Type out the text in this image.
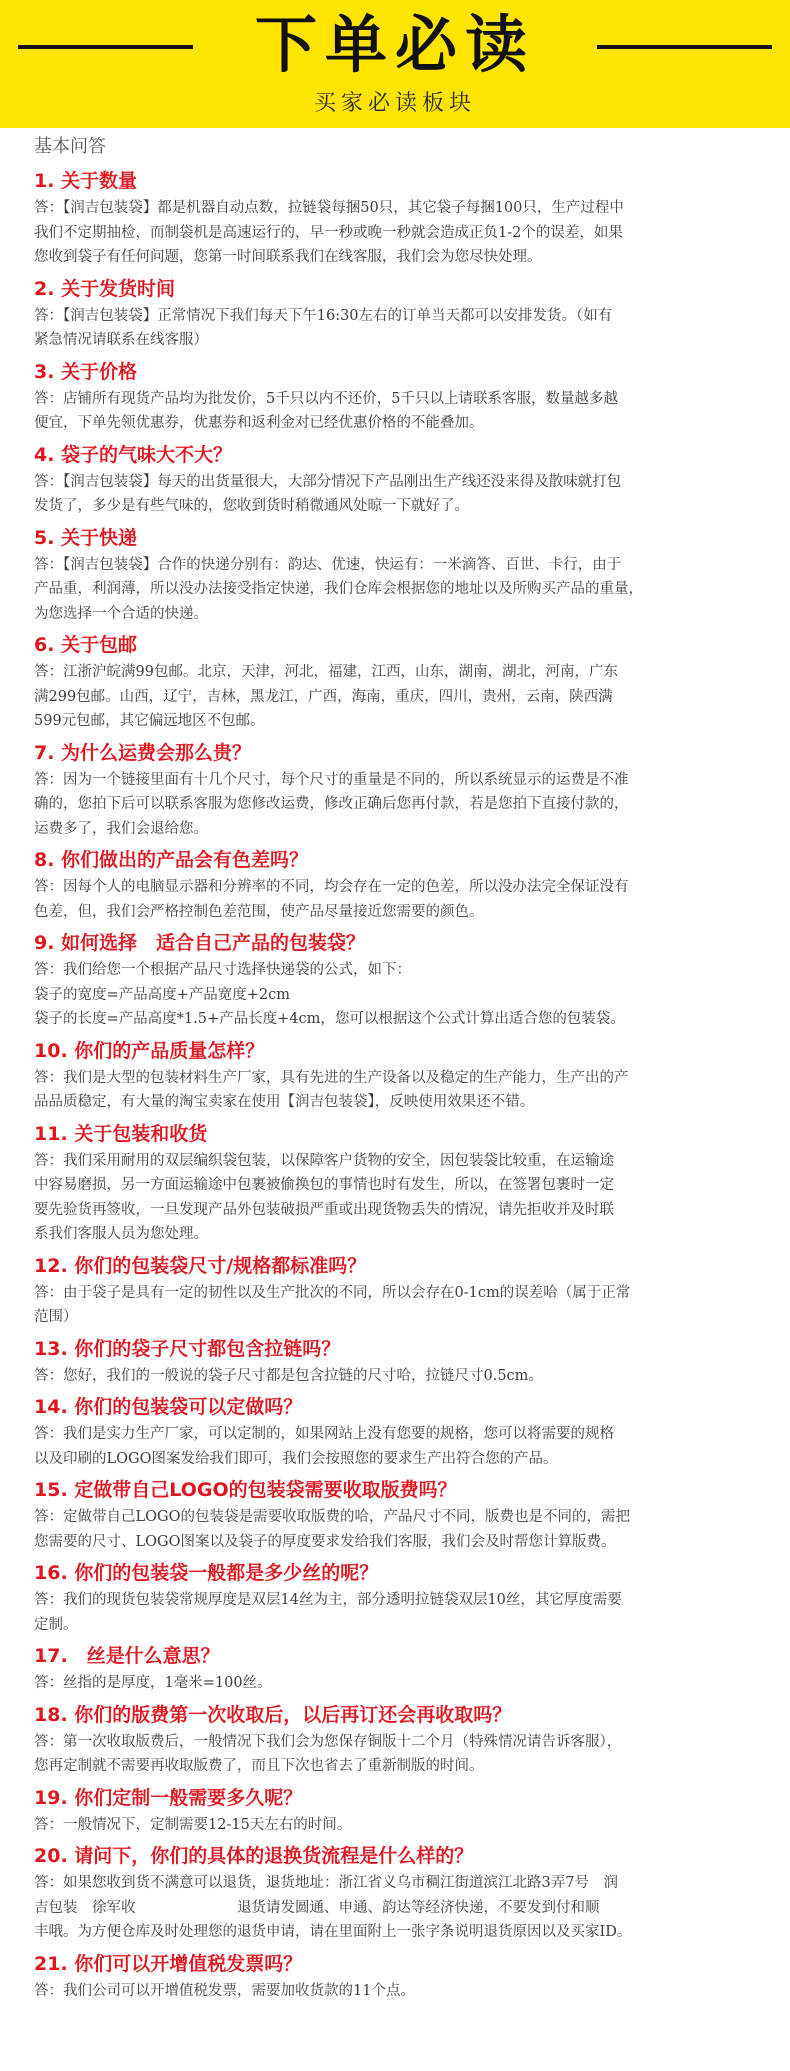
下单必读
买家必读板块
基本问答
1. 关于数量
答：【润吉包装袋】都是机器自动点数，拉链袋每捆50只，其它袋子每捆100只，生产过程中
我们不定期抽检，而制袋机是高速运行的，早一秒或晚一秒就会造成正负1-2个的误差，如果
您收到袋子有任何问题，您第一时间联系我们在线客服，我们会为您尽快处理。
2. 关于发货时间
答：【润吉包装袋】正常情况下我们每天下午16:30左右的订单当天都可以安排发货。（如有
紧急情况请联系在线客服）
3. 关于价格
答：店铺所有现货产品均为批发价，5千只以内不还价，5千只以上请联系客服，数量越多越
便宜，下单先领优惠券，优惠券和返利金对已经优惠价格的不能叠加。
4. 袋子的气味大不大？
答：【润吉包装袋】每天的出货量很大，大部分情况下产品刚出生产线还没来得及散味就打包
发货了，多少是有些气味的，您收到货时稍微通风处晾一下就好了。
5. 关于快递
答：【润吉包装袋】合作的快递分别有：韵达、优速，快运有：一米滴答、百世、卡行，由于
产品重，利润薄，所以没办法接受指定快递，我们仓库会根据您的地址以及所购买产品的重量，
为您选择一个合适的快递。
6. 关于包邮
答：江浙沪皖满99包邮。北京，天津，河北，福建，江西，山东，湖南，湖北，河南，广东
满299包邮。山西，辽宁，吉林，黑龙江，广西，海南，重庆，四川，贵州，云南，陕西满
599元包邮，其它偏远地区不包邮。
7. 为什么运费会那么贵？
答：因为一个链接里面有十几个尺寸，每个尺寸的重量是不同的，所以系统显示的运费是不准
确的，您拍下后可以联系客服为您修改运费，修改正确后您再付款，若是您拍下直接付款的，
运费多了，我们会退给您。
8. 你们做出的产品会有色差吗？
答：因每个人的电脑显示器和分辨率的不同，均会存在一定的色差，所以没办法完全保证没有
色差，但，我们会严格控制色差范围，使产品尽量接近您需要的颜色。
9. 如何选择　适合自己产品的包装袋？
答：我们给您一个根据产品尺寸选择快递袋的公式，如下：
袋子的宽度=产品高度+产品宽度+2cm
袋子的长度=产品高度*1.5+产品长度+4cm，您可以根据这个公式计算出适合您的包装袋。
10. 你们的产品质量怎样？
答：我们是大型的包装材料生产厂家，具有先进的生产设备以及稳定的生产能力，生产出的产
品品质稳定，有大量的淘宝卖家在使用【润吉包装袋】，反映使用效果还不错。
11. 关于包装和收货
答：我们采用耐用的双层编织袋包装，以保障客户货物的安全，因包装袋比较重，在运输途
中容易磨损，另一方面运输途中包裹被偷换包的事情也时有发生，所以，在签署包裹时一定
要先验货再签收，一旦发现产品外包装破损严重或出现货物丢失的情况，请先拒收并及时联
系我们客服人员为您处理。
12. 你们的包装袋尺寸/规格都标准吗？
答：由于袋子是具有一定的韧性以及生产批次的不同，所以会存在0-1cm的误差哈（属于正常
范围）
13. 你们的袋子尺寸都包含拉链吗？
答：您好，我们的一般说的袋子尺寸都是包含拉链的尺寸哈，拉链尺寸0.5cm。
14. 你们的包装袋可以定做吗？
答：我们是实力生产厂家，可以定制的，如果网站上没有您要的规格，您可以将需要的规格
以及印刷的LOGO图案发给我们即可，我们会按照您的要求生产出符合您的产品。
15. 定做带自己LOGO的包装袋需要收取版费吗？
答：定做带自己LOGO的包装袋是需要收取版费的哈，产品尺寸不同，版费也是不同的，需把
您需要的尺寸、LOGO图案以及袋子的厚度要求发给我们客服，我们会及时帮您计算版费。
16. 你们的包装袋一般都是多少丝的呢？
答：我们的现货包装袋常规厚度是双层14丝为主，部分透明拉链袋双层10丝，其它厚度需要
定制。
17.　丝是什么意思？
答：丝指的是厚度，1毫米=100丝。
18. 你们的版费第一次收取后，以后再订还会再收取吗？
答：第一次收取版费后，一般情况下我们会为您保存铜版十二个月（特殊情况请告诉客服），
您再定制就不需要再收取版费了，而且下次也省去了重新制版的时间。
19. 你们定制一般需要多久呢？
答：一般情况下，定制需要12-15天左右的时间。
20. 请问下，你们的具体的退换货流程是什么样的？
答：如果您收到货不满意可以退货，退货地址：浙江省义乌市稠江街道滨江北路3弄7号　润
吉包装　徐军收　　　　　　　退货请发圆通、申通、韵达等经济快递，不要发到付和顺
丰哦。为方便仓库及时处理您的退货申请，请在里面附上一张字条说明退货原因以及买家ID。
21. 你们可以开增值税发票吗？
答：我们公司可以开增值税发票，需要加收货款的11个点。
